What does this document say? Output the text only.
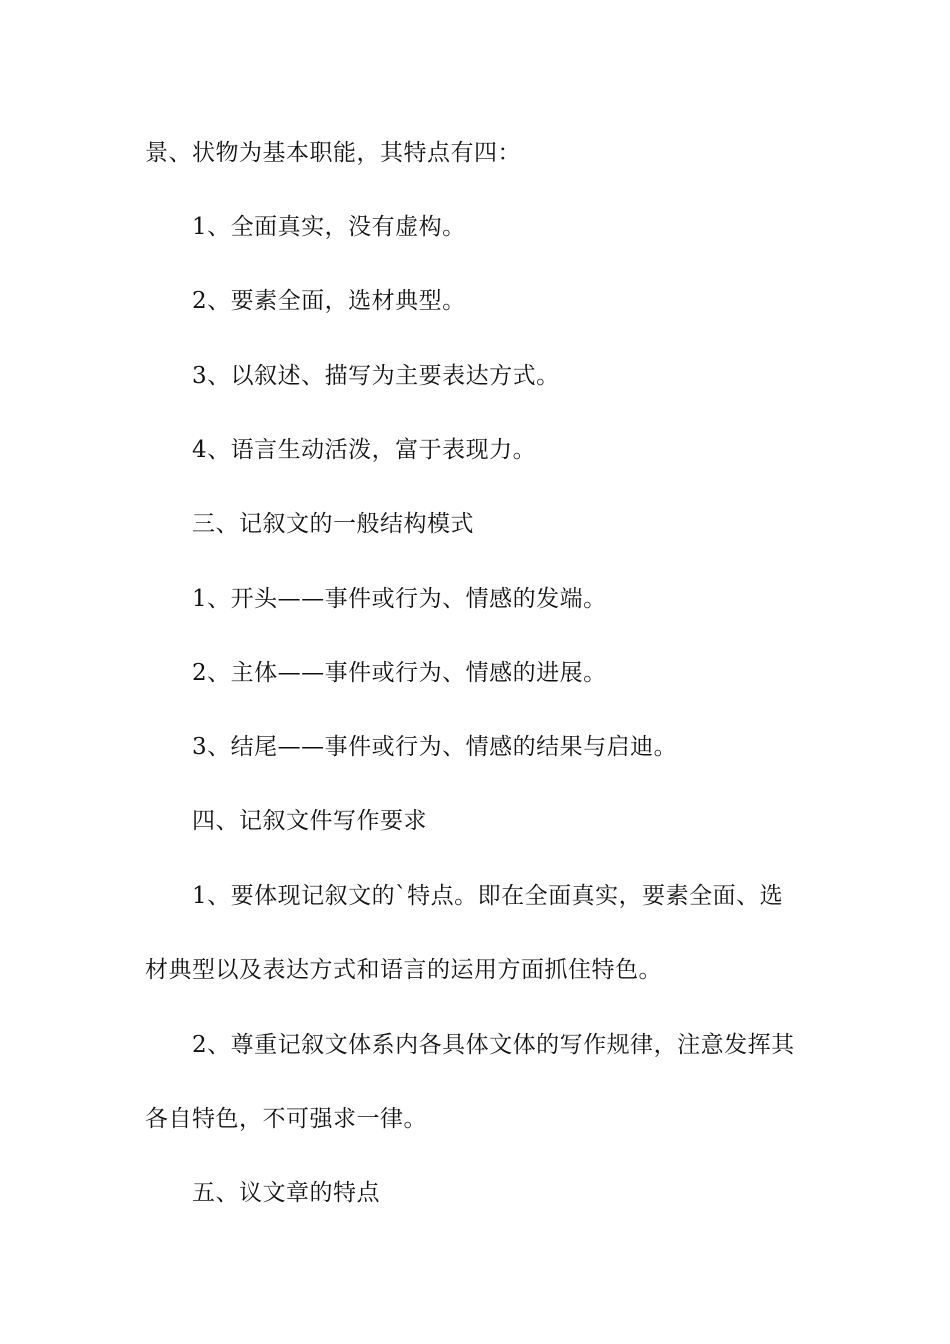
景、状物为基本职能，其特点有四：
1、全面真实，没有虚构。
2、要素全面，选材典型。
3、以叙述、描写为主要表达方式。
4、语言生动活泼，富于表现力。
三、记叙文的一般结构模式
1、开头——事件或行为、情感的发端。
2、主体——事件或行为、情感的进展。
3、结尾——事件或行为、情感的结果与启迪。
四、记叙文件写作要求
1、要体现记叙文的`特点。即在全面真实，要素全面、选
材典型以及表达方式和语言的运用方面抓住特色。
2、尊重记叙文体系内各具体文体的写作规律，注意发挥其
各自特色，不可强求一律。
五、议文章的特点
